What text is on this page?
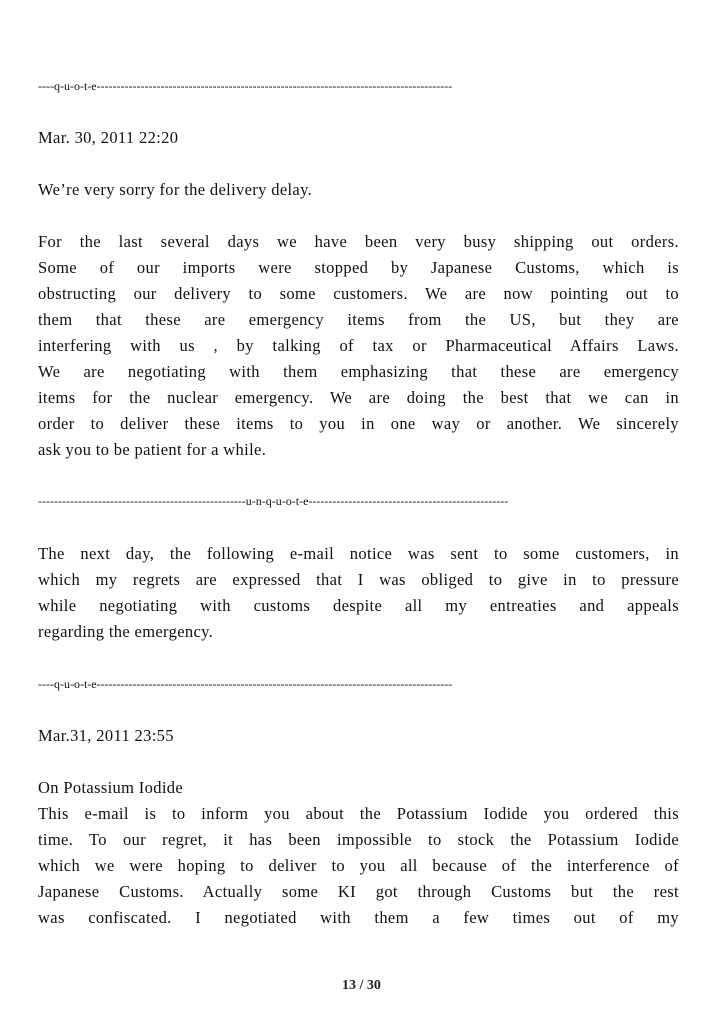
----q-u-o-t-e-----------------------------------------------------------------------------------------
Mar. 30, 2011 22:20
We’re very sorry for the delivery delay.
For the last several days we have been very busy shipping out orders.
Some of our imports were stopped by Japanese Customs, which is
obstructing our delivery to some customers. We are now pointing out to
them that these are emergency items from the US, but they are
interfering with us , by talking of tax or Pharmaceutical Affairs Laws.
We are negotiating with them emphasizing that these are emergency
items for the nuclear emergency. We are doing the best that we can in
order to deliver these items to you in one way or another. We sincerely
ask you to be patient for a while.
----------------------------------------------------u-n-q-u-o-t-e--------------------------------------------------
The next day, the following e-mail notice was sent to some customers, in
which my regrets are expressed that I was obliged to give in to pressure
while negotiating with customs despite all my entreaties and appeals
regarding the emergency.
----q-u-o-t-e-----------------------------------------------------------------------------------------
Mar.31, 2011 23:55
On Potassium Iodide
This e-mail is to inform you about the Potassium Iodide you ordered this
time. To our regret, it has been impossible to stock the Potassium Iodide
which we were hoping to deliver to you all because of the interference of
Japanese Customs. Actually some KI got through Customs but the rest
was confiscated. I negotiated with them a few times out of my
13 / 30
